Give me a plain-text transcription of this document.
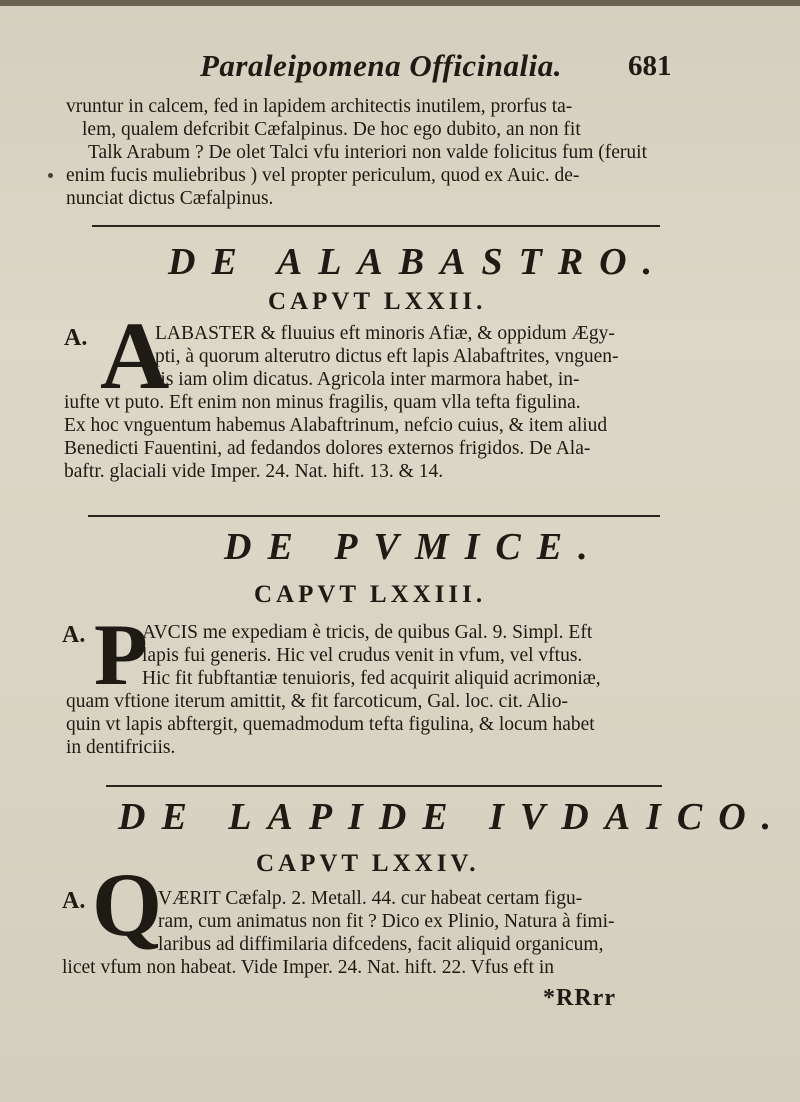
Paraleipomena Officinalia. 681
vruntur in calcem, fed in lapidem architectis inutilem, prorfus ta-
lem, qualem defcribit Cæfalpinus. De hoc ego dubito, an non fit
Talk Arabum ? De olet Talci vfu interiori non valde folicitus fum (feruit
enim fucis muliebribus ) vel propter periculum, quod ex Auic. de-
nunciat dictus Cæfalpinus.
DE ALABASTRO.
CAPVT LXXII.
A. A
LABASTER & fluuius eft minoris Afiæ, & oppidum Ægy-
pti, à quorum alterutro dictus eft lapis Alabaftrites, vnguen-
tis iam olim dicatus. Agricola inter marmora habet, in-
iufte vt puto. Eft enim non minus fragilis, quam vlla tefta figulina.
Ex hoc vnguentum habemus Alabaftrinum, nefcio cuius, & item aliud
Benedicti Fauentini, ad fedandos dolores externos frigidos. De Ala-
baftr. glaciali vide Imper. 24. Nat. hift. 13. & 14.
DE PVMICE.
CAPVT LXXIII.
A. P
AVCIS me expediam è tricis, de quibus Gal. 9. Simpl. Eft
lapis fui generis. Hic vel crudus venit in vfum, vel vftus.
Hic fit fubftantiæ tenuioris, fed acquirit aliquid acrimoniæ,
quam vftione iterum amittit, & fit farcoticum, Gal. loc. cit. Alio-
quin vt lapis abftergit, quemadmodum tefta figulina, & locum habet
in dentifriciis.
DE LAPIDE IVDAICO.
CAPVT LXXIV.
A. Q
VÆRIT Cæfalp. 2. Metall. 44. cur habeat certam figu-
ram, cum animatus non fit ? Dico ex Plinio, Natura à fimi-
laribus ad diffimilaria difcedens, facit aliquid organicum,
licet vfum non habeat. Vide Imper. 24. Nat. hift. 22. Vfus eft in
*RRrr
